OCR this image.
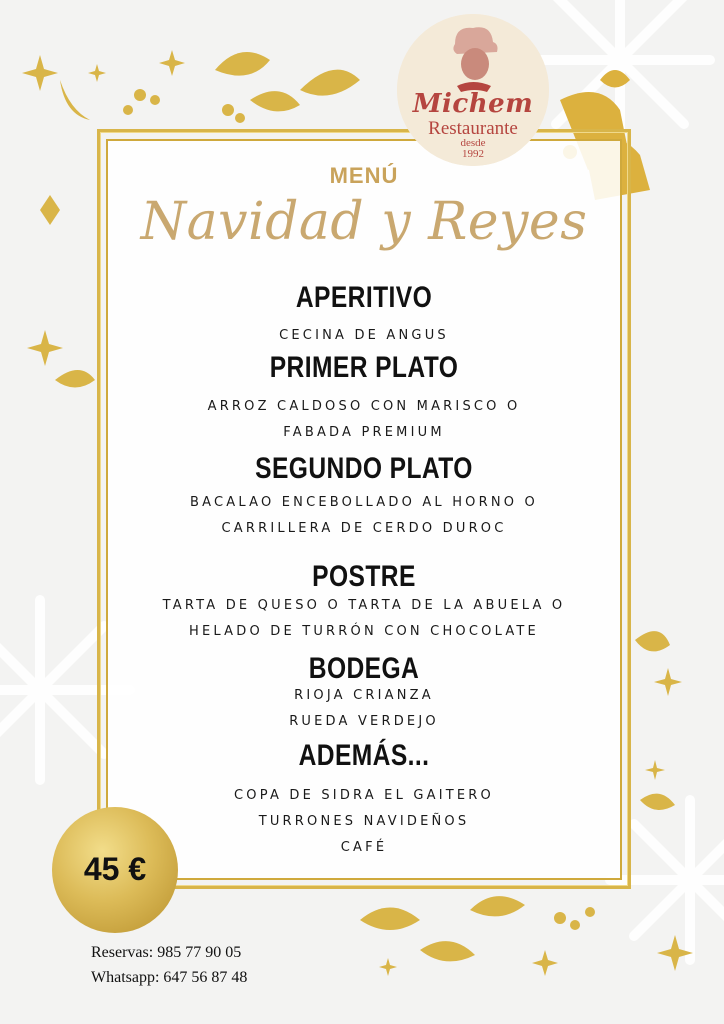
Michem
Restaurante
desde
1992
MENÚ
Navidad y Reyes
APERITIVO
CECINA DE ANGUS
PRIMER PLATO
ARROZ CALDOSO CON MARISCO O
FABADA PREMIUM
SEGUNDO PLATO
BACALAO ENCEBOLLADO AL HORNO O
CARRILLERA DE CERDO DUROC
POSTRE
TARTA DE QUESO O TARTA DE LA ABUELA O
HELADO DE TURRÓN CON CHOCOLATE
BODEGA
RIOJA CRIANZA
RUEDA VERDEJO
ADEMÁS...
COPA DE SIDRA EL GAITERO
TURRONES NAVIDEÑOS
CAFÉ
45 €
Reservas: 985 77 90 05
Whatsapp: 647 56 87 48
